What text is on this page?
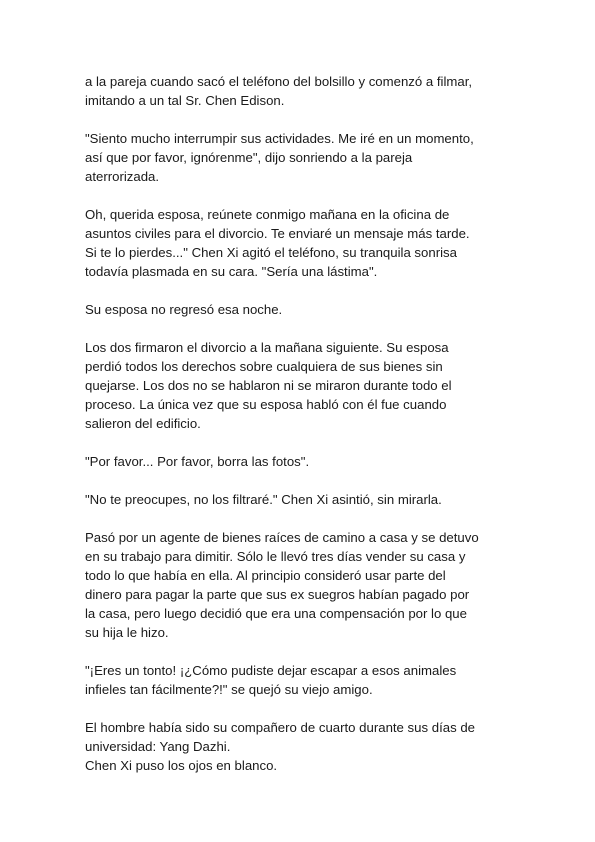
a la pareja cuando sacó el teléfono del bolsillo y comenzó a filmar,
imitando a un tal Sr. Chen Edison.

"Siento mucho interrumpir sus actividades. Me iré en un momento,
así que por favor, ignórenme", dijo sonriendo a la pareja
aterrorizada.

Oh, querida esposa, reúnete conmigo mañana en la oficina de
asuntos civiles para el divorcio. Te enviaré un mensaje más tarde.
Si te lo pierdes..." Chen Xi agitó el teléfono, su tranquila sonrisa
todavía plasmada en su cara. "Sería una lástima".

Su esposa no regresó esa noche.

Los dos firmaron el divorcio a la mañana siguiente. Su esposa
perdió todos los derechos sobre cualquiera de sus bienes sin
quejarse. Los dos no se hablaron ni se miraron durante todo el
proceso. La única vez que su esposa habló con él fue cuando
salieron del edificio.

"Por favor... Por favor, borra las fotos".

"No te preocupes, no los filtraré." Chen Xi asintió, sin mirarla.

Pasó por un agente de bienes raíces de camino a casa y se detuvo
en su trabajo para dimitir. Sólo le llevó tres días vender su casa y
todo lo que había en ella. Al principio consideró usar parte del
dinero para pagar la parte que sus ex suegros habían pagado por
la casa, pero luego decidió que era una compensación por lo que
su hija le hizo.

"¡Eres un tonto! ¡¿Cómo pudiste dejar escapar a esos animales
infieles tan fácilmente?!" se quejó su viejo amigo.

El hombre había sido su compañero de cuarto durante sus días de
universidad: Yang Dazhi.
Chen Xi puso los ojos en blanco.
